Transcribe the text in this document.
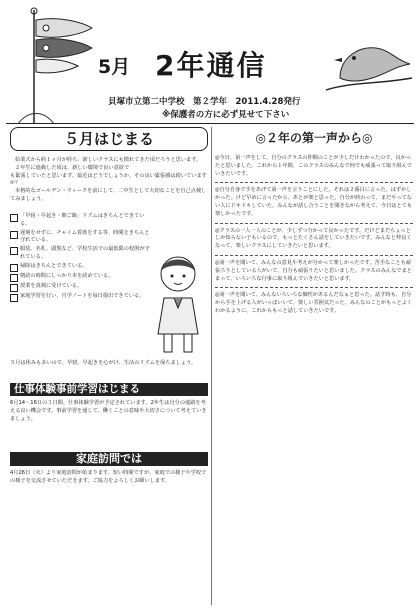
5月 2年通信
貝塚市立第二中学校　第２学年　2011.4.28発行
※保護者の方に必ず見せて下さい
５月はじまる
始業式から約１ヶ月が経ち、新しいクラスにも慣れてきた頃だろうと思います。
２年生に進級した頃は、新しい環境で良い意欲で
も緊張していたと思います。最近はどうでしょうか。その良い緊張感は続いていますか？
本格的なゴールデン・ウィークを前にして、二中生として大切なことを自己点検してみましょう。
「早寝・早起き・朝ご飯」リズムはきちんとできている。
遅刻をせずに、チャイム着席をする等、時間をきちんと守れている。
服装、名札、頭髪など、学校生活での最低限の校則が守れている。
掃除はきちんとできている。
朝読の時間にしっかり本を読めている。
授業を真剣に受けている。
家庭学習を行い、自学ノートを毎日提出できている。
５月は休みも多いので、早寝、早起きを心がけ、生活のリズムを保ちましょう。
仕事体験事前学習はじまる
6月14～16日の３日間、仕事体験学習が予定されています。2年生は自分の進路を考える良い機会です。事前学習を通して、働くことの意味や大切さについて考えていきましょう。
家庭訪問では
4月26日（火）より家庭訪問が始まります。短い時間ですが、家庭での様子や学校での様子を交流させていただきます。ご協力をよろしくお願いします。
◎２年の第一声から◎
◎今日、第一声をして、自分のクラスの仲間のことが少しだけわかったので、良かったと思いました。これから１年間、このクラスのみんなで何でも頑張って取り組んでいきたいです。
◎自分自身で手をあげて第一声を言うことにした。それは２番目に言った。はずかしかった。けど早めに言ったから、あとが楽と思った。自分が終わって、まだやってない人にドキドキしていた。みんなが話し合うことを聞きながら考えて、今日はとても楽しかったです。
◎クラスの一人一人のことが、少しずつ分かって良かったです。だけどまだちょっとしか知らない子もいるので、もっとたくさん話をしていきたいです。みんなと仲良くなって、楽しいクラスにしていきたいと思います。
◎第一声を聞いて、みんなの意見や考えが分かって楽しかったです。苦手なことも頑張ろうとしている人がいて、自分も頑張りたいと思いました。クラスのみんなでまとまって、いろいろな行事に取り組んでいきたいと思います。
◎第一声を聞いて、みんないろいろな個性があるんだなぁと思った。話す時も、自分から手を上げる人がいっぱいいて、楽しい雰囲気だった。みんなのことがもっとよくわかるように、これからもっと話していきたいです。
